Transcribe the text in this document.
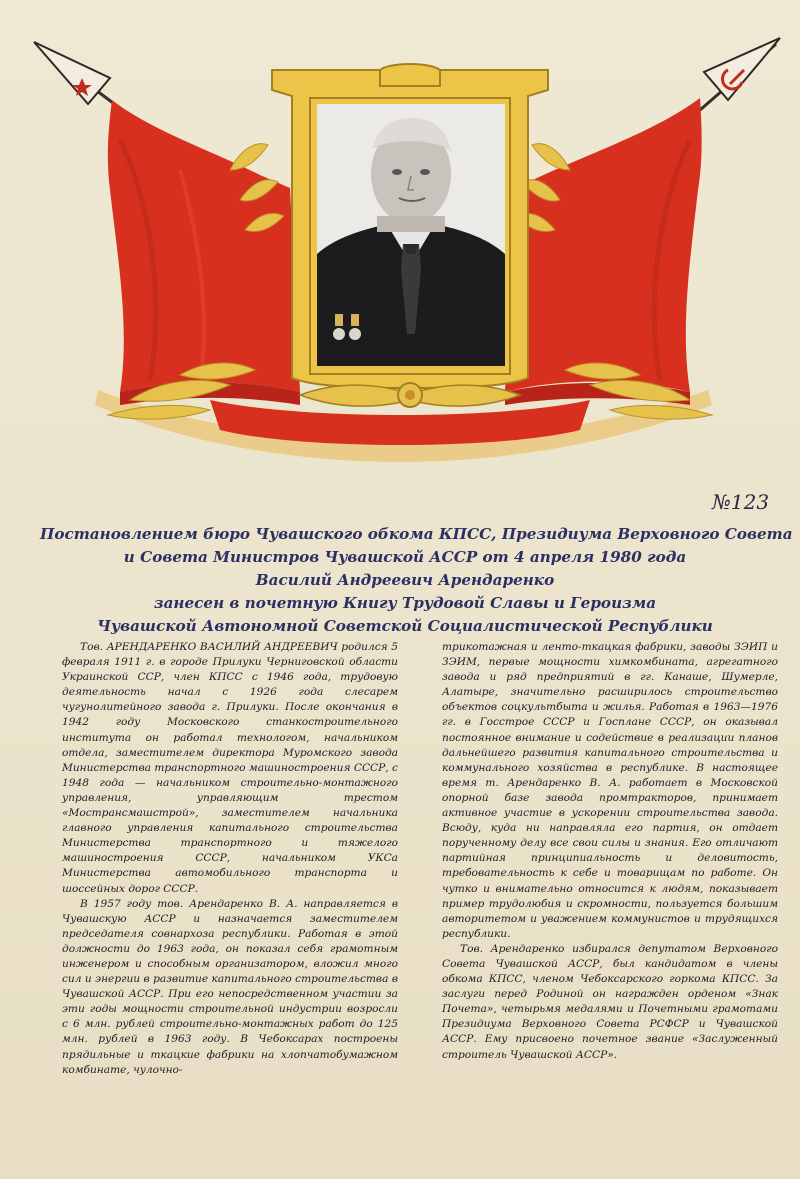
№123
Постановлением бюро Чувашского обкома КПСС, Президиума Верховного Совета
и Совета Министров Чувашской АССР от 4 апреля 1980 года
Василий Андреевич Арендаренко
занесен в почетную Книгу Трудовой Славы и Героизма
Чувашской Автономной Советской Социалистической Республики

Тов. АРЕНДАРЕНКО ВАСИЛИЙ АНДРЕЕВИЧ родился 5 февраля 1911 г. в городе Прилуки Черниговской области Украинской ССР, член КПСС с 1946 года, трудовую деятельность начал с 1926 года слесарем чугунолитейного завода г. Прилуки. После окончания в 1942 году Московского станкостроительного института он работал технологом, начальником отдела, заместителем директора Муромского завода Министерства транспортного машиностроения СССР, с 1948 года — начальником строительно-монтажного управления, управляющим трестом «Мострансмашстрой», заместителем начальника главного управления капитального строительства Министерства транспортного и тяжелого машиностроения СССР, начальником УКСа Министерства автомобильного транспорта и шоссейных дорог СССР.

В 1957 году тов. Арендаренко В. А. направляется в Чувашскую АССР и назначается заместителем председателя совнархоза республики. Работая в этой должности до 1963 года, он показал себя грамотным инженером и способным организатором, вложил много сил и энергии в развитие капитального строительства в Чувашской АССР. При его непосредственном участии за эти годы мощности строительной индустрии возросли с 6 млн. рублей строительно-монтажных работ до 125 млн. рублей в 1963 году. В Чебоксарах построены прядильные и ткацкие фабрики на хлопчатобумажном комбинате, чулочно-

трикотажная и ленто-ткацкая фабрики, заводы ЗЭИП и ЗЭИМ, первые мощности химкомбината, агрегатного завода и ряд предприятий в гг. Канаше, Шумерле, Алатыре, значительно расширилось строительство объектов соцкультбыта и жилья. Работая в 1963—1976 гг. в Госстрое СССР и Госплане СССР, он оказывал постоянное внимание и содействие в реализации планов дальнейшего развития капитального строительства и коммунального хозяйства в республике. В настоящее время т. Арендаренко В. А. работает в Московской опорной базе завода промтракторов, принимает активное участие в ускорении строительства завода. Всюду, куда ни направляла его партия, он отдает порученному делу все свои силы и знания. Его отличают партийная принципиальность и деловитость, требовательность к себе и товарищам по работе. Он чутко и внимательно относится к людям, показывает пример трудолюбия и скромности, пользуется большим авторитетом и уважением коммунистов и трудящихся республики.

Тов. Арендаренко избирался депутатом Верховного Совета Чувашской АССР, был кандидатом в члены обкома КПСС, членом Чебоксарского горкома КПСС. За заслуги перед Родиной он награжден орденом «Знак Почета», четырьмя медалями и Почетными грамотами Президиума Верховного Совета РСФСР и Чувашской АССР. Ему присвоено почетное звание «Заслуженный строитель Чувашской АССР».
